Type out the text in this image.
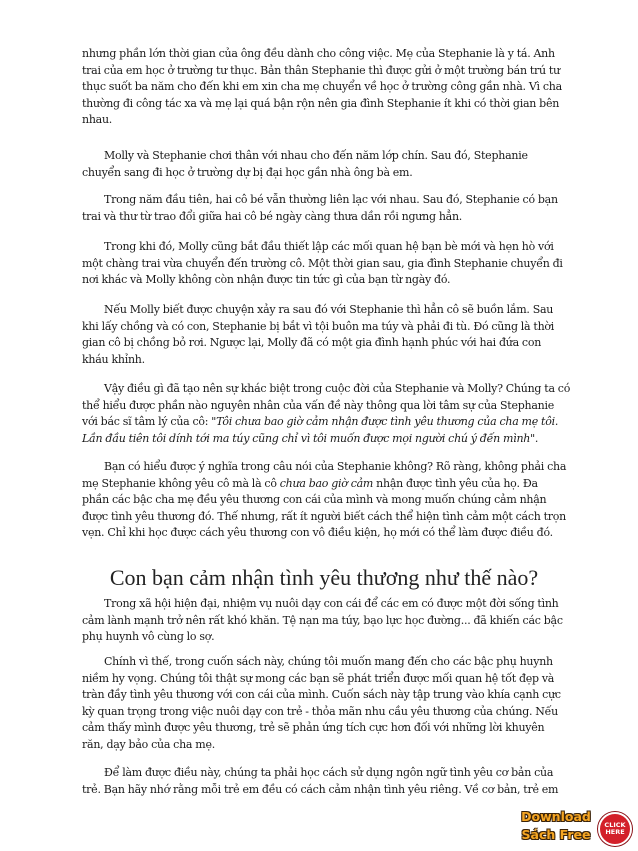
nhưng phần lớn thời gian của ông đều dành cho công việc. Mẹ của Stephanie là y tá. Anh
trai của em học ở trường tư thục. Bản thân Stephanie thì được gửi ở một trường bán trú tư
thục suốt ba năm cho đến khi em xin cha mẹ chuyển về học ở trường công gần nhà. Vì cha
thường đi công tác xa và mẹ lại quá bận rộn nên gia đình Stephanie ít khi có thời gian bên
nhau.

Molly và Stephanie chơi thân với nhau cho đến năm lớp chín. Sau đó, Stephanie
chuyển sang đi học ở trường dự bị đại học gần nhà ông bà em.

Trong năm đầu tiên, hai cô bé vẫn thường liên lạc với nhau. Sau đó, Stephanie có bạn
trai và thư từ trao đổi giữa hai cô bé ngày càng thưa dần rồi ngưng hẳn.

Trong khi đó, Molly cũng bắt đầu thiết lập các mối quan hệ bạn bè mới và hẹn hò với
một chàng trai vừa chuyển đến trường cô. Một thời gian sau, gia đình Stephanie chuyển đi
nơi khác và Molly không còn nhận được tin tức gì của bạn từ ngày đó.

Nếu Molly biết được chuyện xảy ra sau đó với Stephanie thì hẳn cô sẽ buồn lắm. Sau
khi lấy chồng và có con, Stephanie bị bắt vì tội buôn ma túy và phải đi tù. Đó cũng là thời
gian cô bị chồng bỏ rơi. Ngược lại, Molly đã có một gia đình hạnh phúc với hai đứa con
kháu khỉnh.

Vậy điều gì đã tạo nên sự khác biệt trong cuộc đời của Stephanie và Molly? Chúng ta có
thể hiểu được phần nào nguyên nhân của vấn đề này thông qua lời tâm sự của Stephanie
với bác sĩ tâm lý của cô: "Tôi chưa bao giờ cảm nhận được tình yêu thương của cha mẹ tôi.
Lần đầu tiên tôi dính tới ma túy cũng chỉ vì tôi muốn được mọi người chú ý đến mình".

Bạn có hiểu được ý nghĩa trong câu nói của Stephanie không? Rõ ràng, không phải cha
mẹ Stephanie không yêu cô mà là cô chưa bao giờ cảm nhận được tình yêu của họ. Đa
phần các bậc cha mẹ đều yêu thương con cái của mình và mong muốn chúng cảm nhận
được tình yêu thương đó. Thế nhưng, rất ít người biết cách thể hiện tình cảm một cách trọn
vẹn. Chỉ khi học được cách yêu thương con vô điều kiện, họ mới có thể làm được điều đó.

Con bạn cảm nhận tình yêu thương như thế nào?

Trong xã hội hiện đại, nhiệm vụ nuôi dạy con cái để các em có được một đời sống tình
cảm lành mạnh trở nên rất khó khăn. Tệ nạn ma túy, bạo lực học đường... đã khiến các bậc
phụ huynh vô cùng lo sợ.

Chính vì thế, trong cuốn sách này, chúng tôi muốn mang đến cho các bậc phụ huynh
niềm hy vọng. Chúng tôi thật sự mong các bạn sẽ phát triển được mối quan hệ tốt đẹp và
tràn đầy tình yêu thương với con cái của mình. Cuốn sách này tập trung vào khía cạnh cực
kỳ quan trọng trong việc nuôi dạy con trẻ - thỏa mãn nhu cầu yêu thương của chúng. Nếu
cảm thấy mình được yêu thương, trẻ sẽ phản ứng tích cực hơn đối với những lời khuyên
răn, dạy bảo của cha mẹ.

Để làm được điều này, chúng ta phải học cách sử dụng ngôn ngữ tình yêu cơ bản của
trẻ. Bạn hãy nhớ rằng mỗi trẻ em đều có cách cảm nhận tình yêu riêng. Về cơ bản, trẻ em

Download
Sách Free
CLICK
HERE
